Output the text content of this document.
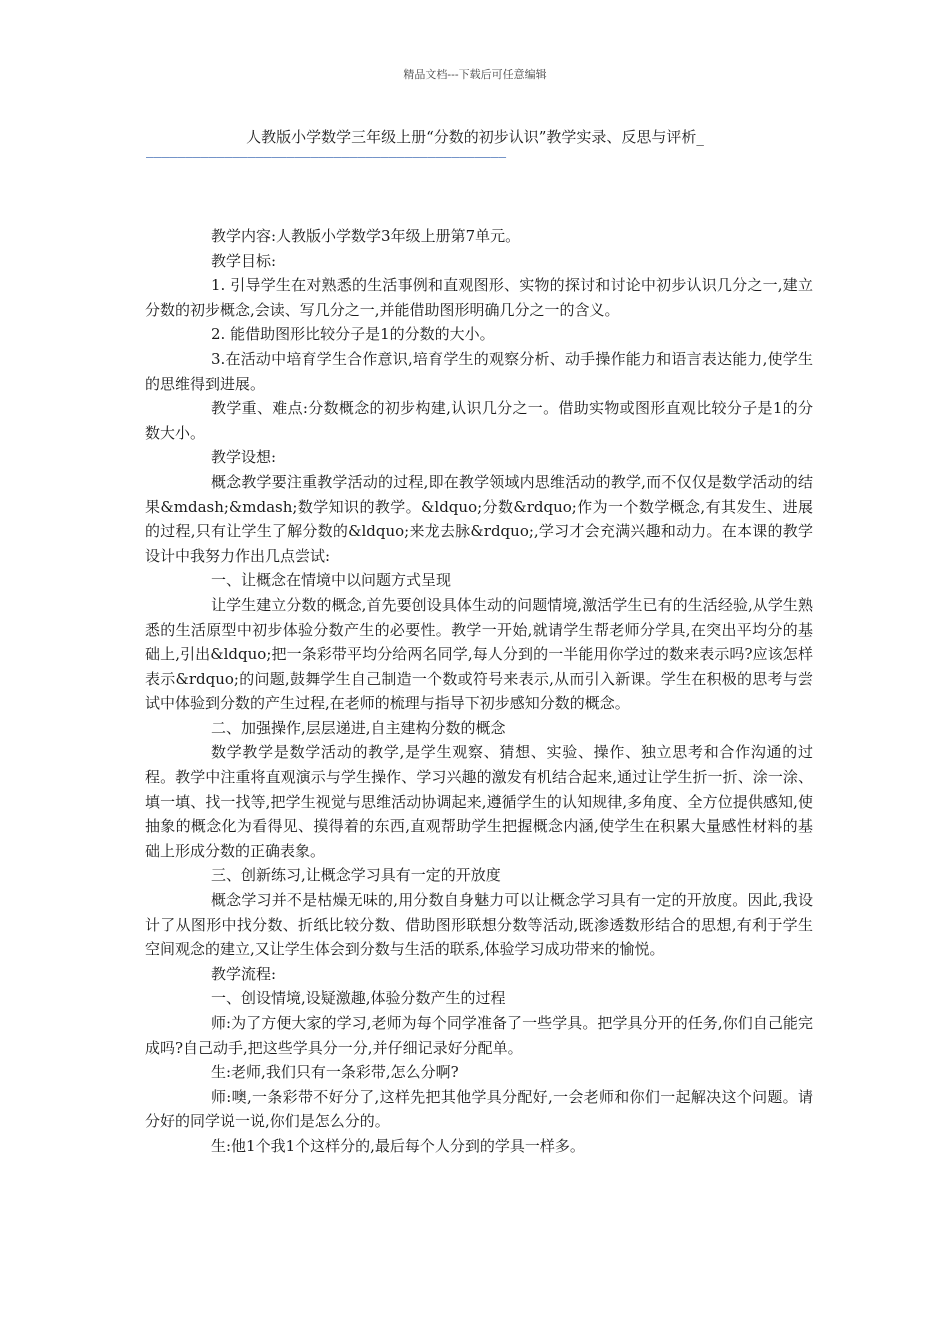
精品文档---下载后可任意编辑
人教版小学数学三年级上册“分数的初步认识”教学实录、反思与评析_
——————————————————————————————————————————————

教学内容:人教版小学数学3年级上册第7单元。

教学目标:

1. 引导学生在对熟悉的生活事例和直观图形、实物的探讨和讨论中初步认识几分之一,建立分数的初步概念,会读、写几分之一,并能借助图形明确几分之一的含义。

2. 能借助图形比较分子是1的分数的大小。

3.在活动中培育学生合作意识,培育学生的观察分析、动手操作能力和语言表达能力,使学生的思维得到进展。

教学重、难点:分数概念的初步构建,认识几分之一。借助实物或图形直观比较分子是1的分数大小。

教学设想:

概念教学要注重教学活动的过程,即在教学领域内思维活动的教学,而不仅仅是数学活动的结果&mdash;&mdash;数学知识的教学。&ldquo;分数&rdquo;作为一个数学概念,有其发生、进展的过程,只有让学生了解分数的&ldquo;来龙去脉&rdquo;,学习才会充满兴趣和动力。在本课的教学设计中我努力作出几点尝试:

一、让概念在情境中以问题方式呈现

让学生建立分数的概念,首先要创设具体生动的问题情境,激活学生已有的生活经验,从学生熟悉的生活原型中初步体验分数产生的必要性。教学一开始,就请学生帮老师分学具,在突出平均分的基础上,引出&ldquo;把一条彩带平均分给两名同学,每人分到的一半能用你学过的数来表示吗?应该怎样表示&rdquo;的问题,鼓舞学生自己制造一个数或符号来表示,从而引入新课。学生在积极的思考与尝试中体验到分数的产生过程,在老师的梳理与指导下初步感知分数的概念。

二、加强操作,层层递进,自主建构分数的概念

数学教学是数学活动的教学,是学生观察、猜想、实验、操作、独立思考和合作沟通的过程。教学中注重将直观演示与学生操作、学习兴趣的激发有机结合起来,通过让学生折一折、涂一涂、填一填、找一找等,把学生视觉与思维活动协调起来,遵循学生的认知规律,多角度、全方位提供感知,使抽象的概念化为看得见、摸得着的东西,直观帮助学生把握概念内涵,使学生在积累大量感性材料的基础上形成分数的正确表象。

三、创新练习,让概念学习具有一定的开放度

概念学习并不是枯燥无味的,用分数自身魅力可以让概念学习具有一定的开放度。因此,我设计了从图形中找分数、折纸比较分数、借助图形联想分数等活动,既渗透数形结合的思想,有利于学生空间观念的建立,又让学生体会到分数与生活的联系,体验学习成功带来的愉悦。

教学流程:

一、创设情境,设疑激趣,体验分数产生的过程

师:为了方便大家的学习,老师为每个同学准备了一些学具。把学具分开的任务,你们自己能完成吗?自己动手,把这些学具分一分,并仔细记录好分配单。

生:老师,我们只有一条彩带,怎么分啊?

师:噢,一条彩带不好分了,这样先把其他学具分配好,一会老师和你们一起解决这个问题。请分好的同学说一说,你们是怎么分的。

生:他1个我1个这样分的,最后每个人分到的学具一样多。
